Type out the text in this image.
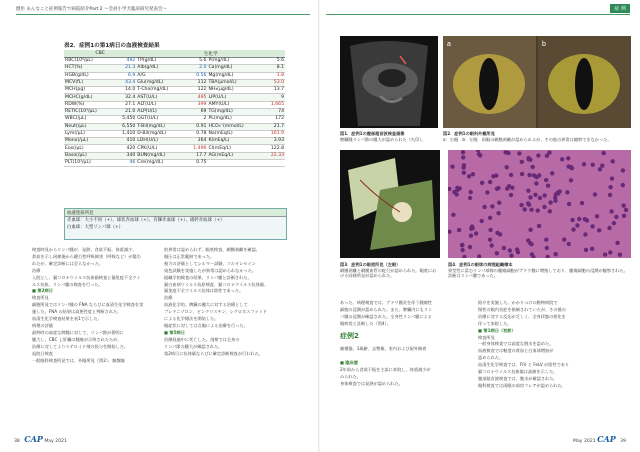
獣医 あんなこと症例報告で病院紹介Part 2 〜会員小学犬臨床研究発表会〜
表2．症例1の第1病日の血液検査結果
CBC		生化学			
RBC(10⁶/μL)	492	TP(g/dL)	5.6	P(mg/dL)	5.6
HCT(%)	21.3	Alb(g/dL)	2.0	Ca(mg/dL)	8.1
HGB(g/dL)	6.9	A/G	0.56	Mg(mg/dL)	1.8
MCV(fL)	43.4	Glu(mg/dL)	112	TBA(μmol/L)	53.0
MCH(pg)	14.0	T-Cho(mg/dL)	122	NH₃(μg/dL)	13.7
MCHC(g/dL)	32.4	AST(U/L)	495	LIP(U/L)	9
RDW(%)	27.1	ALT(U/L)	399	AMY(U/L)	1,665
RETIC(10³/μL)	21.0	ALP(U/L)	69	TG(mg/dL)	74
WBC(/μL)	5,450	GGT(U/L)	2	PL(mg/dL)	172
Neut(/μL)	6,550	T-Bil(mg/dL)	0.91	HCO₃⁻(mmol/L)	21.7
Lym(/μL)	1,410	D-Bil(mg/dL)	0.78	Na(mEq/L)	161.9
Mono(/μL)	410	LDH(U/L)	364	K(mEq/L)	3.93
Eos(/μL)	420	CPK(U/L)	1,496	Cl(mEq/L)	122.8
Baso(/μL)	340	BUN(mg/dL)	17.7	AG(mEq/L)	22.33
PLT(10³/μL)	46	Cre(mg/dL)	0.75		
血液塗抹所見
赤血球：大小不同（+）、球状赤血球（+）、有棘赤血球（+）、破砕赤血球（+）
白血球：大型リンパ球（+）

検査時見からリンパ腫が、発熱、食欲不振、体重減少、

貧血を示し同様後から緩行性呼吸障害（呼吸など）が疑わ

れたが、確定診断には至らなかった。

治療

入院とし、猫コロナウイルス抗体価検査と猫免疫不全ウイ

ルス抗体、リンパ腫の検査を行った。

■ 第2病日

検査所見

細胞所見ではリンパ腫の FNA ならびに血清生化学検査を実

施した。FNA の結果は高悪性度と判断された。

血清生化学検査結果を表1で示した。

病理の評価

最終時の高度な脾腫に対して、リンパ節が著明に

腫大し、CBC 上肝臓の腫瘍が示唆されたため、

治療に対してよりステロイド剤の投与を開始した。

退院日検査

一般眼科検査所見では、外眼所見（図2）、無散瞳

的異常は認められず、眼底検査、網膜剥離を確認。

眼圧は正常範囲であった。

視力の評価としてシルマー試験、フルオレセイン

染色試験を実施したが異常は認められなかった。

組織学的検査の結果、リンパ腫と診断された。

猫白血病ウイルス抗原検査、猫コロナウイルス抗体価、

猫免疫不全ウイルス抗体は陰性であった。

治療

血液化学的、脾臓の腫大に対する治療として

プレドニゾロン、ビンクリスチン、シクロホスファミド

による化学療法を開始した。

眼症状に対しては点眼による治療を行った。

■ 第5病日

治療経過中に死亡した。剖検では全身の

リンパ節の腫大が確認された。

第2病日に抗体価ならびに確定診断検査が行われた。

38 CAP May 2021
症 例
図1．症例1の腹部超音波検査画像
脾臓腫リンパ節の腫大が認められた（矢印）。
a	b
図2．症例1の眼科外観所見
a：右眼　b：左眼　両眼の網膜剥離が認められるが、その他の異常は観察できなかった。
図3．症例1の眼底所見（左眼）
網膜剥離と網膜血管の蛇行が認められた。眼底における同様所見が認められた。
図4．症例1の眼球の病理組織標本
異型性に富むリンパ球様の腫瘍細胞がブドウ膜に増殖しており、腫瘍細胞の浸潤が観察された。診断はリンパ腫であった。

あった。病理検査では、ブドウ膜炎を伴う腫瘍性

細胞の浸潤が認められた。また、脾臓内にもリン

パ腫の浸潤が確認された。全身性リンパ腫による

眼病変と診断した（図4）。

症例2
雑種猫、1歳齢、去勢雄、室内および屋外飼育

■ 臨床歴

2年前から食欲不振を主訴に来院し、体重減少が

みられた。

身体検査では発熱が認められた。

紹介を実施した。かかりつけの動物病院で

慢性の眼内炎症を指摘されていたが、その後の

治療に対する反応が乏しく、全身状態の悪化を

伴って来院した。

■ 第1病日（初診）

検査所見

一般身体検査では高度な脱水を認めた。

血液検査では軽度の貧血と白血球増加が

認められた。

血清生化学検査では、FIV と FeLV が陰性であり

猫コロナウイルス抗体価は高値を示した。

腹部超音波検査では、腹水が確認された。

眼科検査では両眼の前房フレアが認められた。

May 2021 CAP 39
